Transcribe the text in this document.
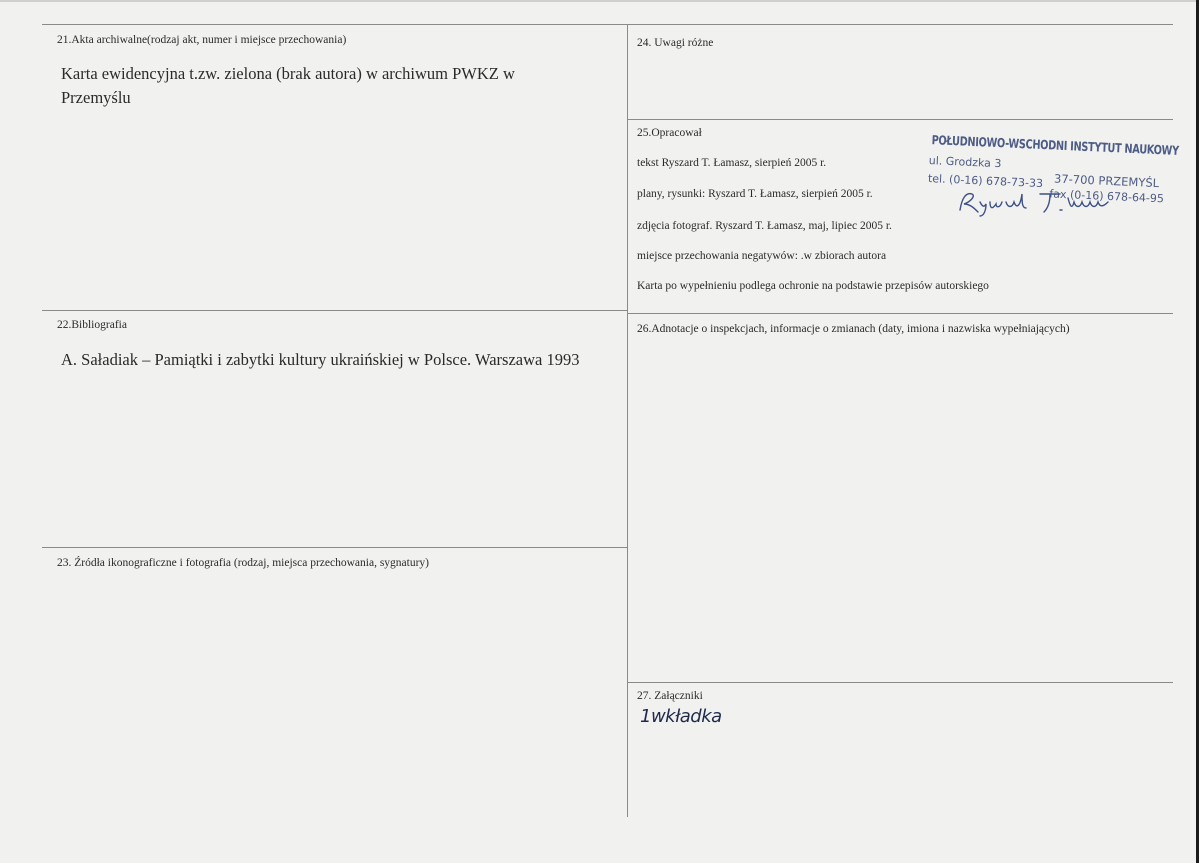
21.Akta archiwalne(rodzaj akt, numer i miejsce przechowania)
Karta ewidencyjna t.zw. zielona (brak autora) w archiwum PWKZ w
Przemyślu
22.Bibliografia
A. Saładiak – Pamiątki i zabytki kultury ukraińskiej w Polsce. Warszawa 1993
23. Źródła ikonograficzne i fotografia (rodzaj, miejsca przechowania, sygnatury)
24. Uwagi różne
25.Opracował
tekst Ryszard T. Łamasz, sierpień 2005 r.
plany, rysunki: Ryszard T. Łamasz, sierpień 2005 r.
zdjęcia fotograf. Ryszard T. Łamasz, maj, lipiec 2005 r.
miejsce przechowania negatywów: .w zbiorach autora
Karta po wypełnieniu podlega ochronie na podstawie przepisów autorskiego
POŁUDNIOWO-WSCHODNI INSTYTUT NAUKOWY
ul. Grodzka 3
37-700 PRZEMYŚL
tel. (0-16) 678-73-33
fax (0-16) 678-64-95
26.Adnotacje o inspekcjach, informacje o zmianach (daty, imiona i nazwiska wypełniających)
27. Załączniki
1wkładka
